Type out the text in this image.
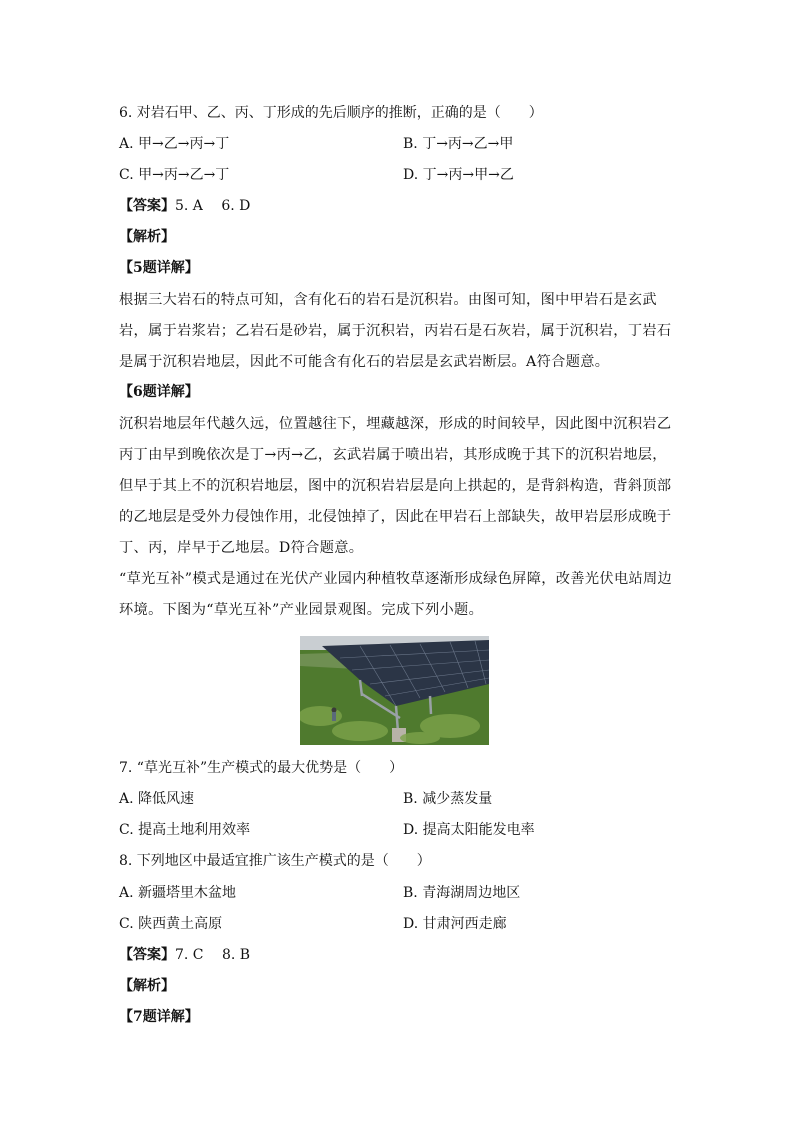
6. 对岩石甲、乙、丙、丁形成的先后顺序的推断，正确的是（　　）
A. 甲→乙→丙→丁	B. 丁→丙→乙→甲
C. 甲→丙→乙→丁	D. 丁→丙→甲→乙
【答案】5. A　 6. D
【解析】
【5题详解】
根据三大岩石的特点可知，含有化石的岩石是沉积岩。由图可知，图中甲岩石是玄武岩，属于岩浆岩；乙岩石是砂岩，属于沉积岩，丙岩石是石灰岩，属于沉积岩，丁岩石是属于沉积岩地层，因此不可能含有化石的岩层是玄武岩断层。A符合题意。
【6题详解】
沉积岩地层年代越久远，位置越往下，埋藏越深，形成的时间较早，因此图中沉积岩乙丙丁由早到晚依次是丁→丙→乙，玄武岩属于喷出岩，其形成晚于其下的沉积岩地层，但早于其上不的沉积岩地层，图中的沉积岩岩层是向上拱起的，是背斜构造，背斜顶部的乙地层是受外力侵蚀作用，北侵蚀掉了，因此在甲岩石上部缺失，故甲岩层形成晚于丁、丙，岸早于乙地层。D符合题意。
“草光互补”模式是通过在光伏产业园内种植牧草逐渐形成绿色屏障，改善光伏电站周边环境。下图为“草光互补”产业园景观图。完成下列小题。
7. “草光互补”生产模式的最大优势是（　　）
A. 降低风速	B. 减少蒸发量
C. 提高土地利用效率	D. 提高太阳能发电率
8. 下列地区中最适宜推广该生产模式的是（　　）
A. 新疆塔里木盆地	B. 青海湖周边地区
C. 陕西黄土高原	D. 甘肃河西走廊
【答案】7. C　 8. B
【解析】
【7题详解】
